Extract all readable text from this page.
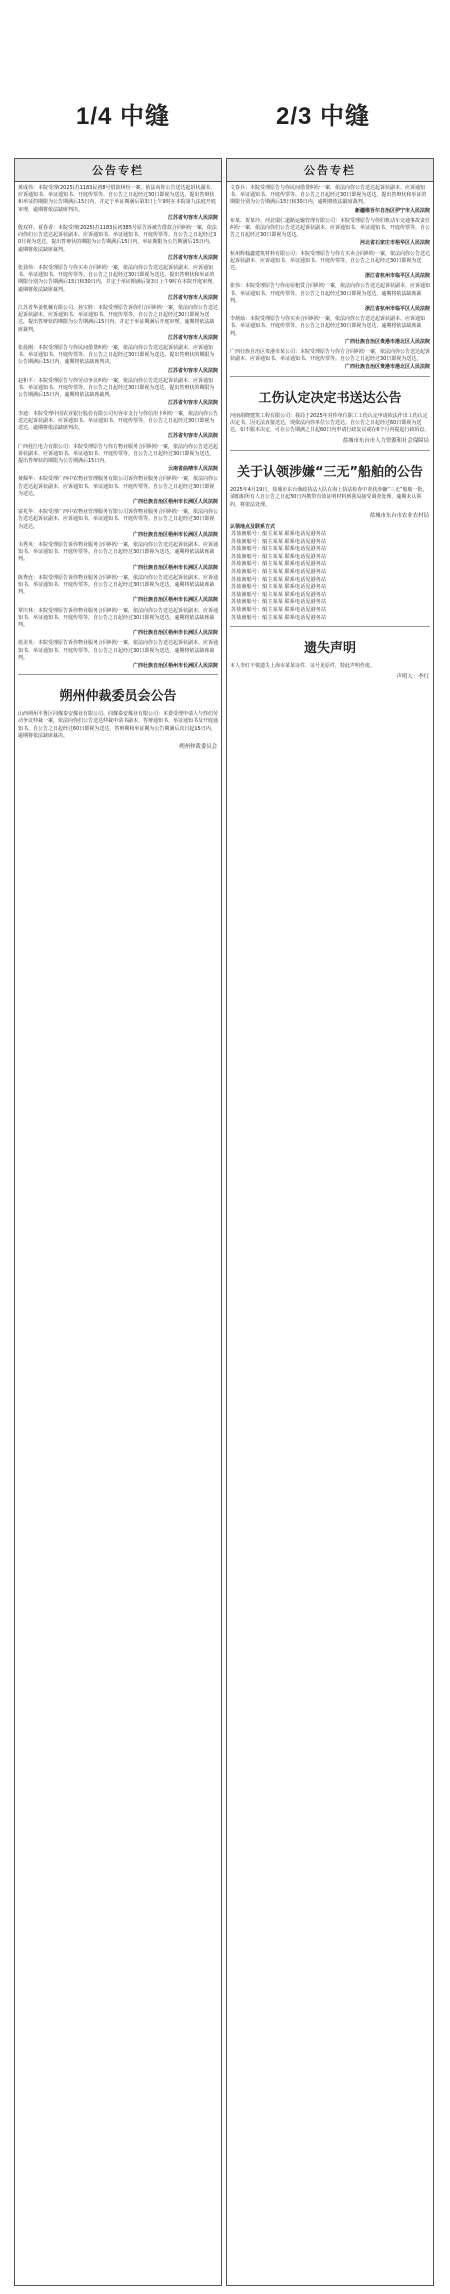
1/4 中缝	2/3 中缝
公告专栏
黄成伟：本院受理(2025)苏1183民初8号借款纠纷一案，依法向你公告送达起诉状副本、应诉通知书、举证通知书、开庭传票等。自公告之日起经过30日即视为送达，提出答辩状和举证的期限为公告期满后15日内，并定于举证期满后第3日上午9时在本院第九法庭开庭审理，逾期将依法缺席判决。
江苏省句容市人民法院
殷双祥、夏春香：本院受理(2025)苏1183民初385号原告诉被告借款合同纠纷一案，依法向你们公告送达起诉状副本、应诉通知书、举证通知书、开庭传票等。自公告之日起经过30日视为送达，提出答辩状的期限为公告期满后15日内，举证期限为公告期满后15日内。逾期将依法缺席裁判。
江苏省句容市人民法院
张劲伟：本院受理原告与你买卖合同纠纷一案，依法向你公告送达起诉状副本、应诉通知书、举证通知书、开庭传票等。自公告之日起经过30日即视为送达。提出答辩状和举证的期限分别为公告期满后15日和30日内，并定于举证期满后第3日上午9时在本院开庭审理，逾期将依法缺席裁判。
江苏省句容市人民法院
江苏省华姜机械有限公司、孙宝胜：本院受理原告诉你们合同纠纷一案，依法向你公告送达起诉状副本、应诉通知书、举证通知书、开庭传票等。自公告之日起经过30日即视为送达，提出答辩状的期限为公告期满后15日内，并定于举证期满后开庭审理，逾期将依法缺席裁判。
江苏省句容市人民法院
张晨刚：本院受理原告与你民间借贷纠纷一案，依法向你公告送达起诉状副本、应诉通知书、举证通知书、开庭传票等。自公告之日起经过30日即视为送达。提出答辩状的期限为公告期满后15日内，逾期将依法缺席判决。
江苏省句容市人民法院
赵和平：本院受理原告与你劳动争议纠纷一案，依法向你公告送达起诉状副本、应诉通知书、举证通知书、开庭传票等。自公告之日起经过30日即视为送达，提出答辩状的期限为公告期满后15日内，逾期将依法缺席裁判。
江苏省句容市人民法院
李迪：本院受理中国农业银行股份有限公司句容市支行与你信用卡纠纷一案，依法向你公告送达起诉状副本、应诉通知书、举证通知书、开庭传票等。自公告之日起经过30日即视为送达，逾期将依法缺席判决。
江苏省句容市人民法院
广西桂江电力有限公司：本院受理原告与你方物业服务合同纠纷一案，依法向你公告送达起诉状副本、应诉通知书、举证通知书、开庭传票等。自公告之日起经过30日即视为送达，提出答辩状的期限为公告期满后15日内。
云南省曲靖市人民法院
黄佩华：本院受理广西中农物业管理服务有限公司诉你物业服务合同纠纷一案，依法向你公告送达起诉状副本、应诉通知书、举证通知书、开庭传票等。自公告之日起经过30日即视为送达。
广西壮族自治区梧州市长洲区人民法院
富兆华：本院受理广西中农物业管理服务有限公司诉你物业服务合同纠纷一案，依法向你公告送达起诉状副本、应诉通知书、举证通知书、开庭传票等。自公告之日起经过30日即视为送达。
广西壮族自治区梧州市长洲区人民法院
韦秀英：本院受理原告诉你物业服务合同纠纷一案，依法向你公告送达起诉状副本、应诉通知书、举证通知书、开庭传票等。自公告之日起经过30日即视为送达，逾期将依法缺席裁判。
广西壮族自治区梧州市长洲区人民法院
陈秀连：本院受理原告诉你物业服务合同纠纷一案，依法向你公告送达起诉状副本、应诉通知书、举证通知书、开庭传票等。自公告之日起经过30日即视为送达，逾期将依法缺席裁判。
广西壮族自治区梧州市长洲区人民法院
覃庆林：本院受理原告诉你物业服务合同纠纷一案，依法向你公告送达起诉状副本、应诉通知书、举证通知书、开庭传票等。自公告之日起经过30日即视为送达，逾期将依法缺席裁判。
广西壮族自治区梧州市长洲区人民法院
蓝美英：本院受理原告诉你物业服务合同纠纷一案，依法向你公告送达起诉状副本、应诉通知书、举证通知书、开庭传票等。自公告之日起经过30日即视为送达，逾期将依法缺席裁判。
广西壮族自治区梧州市长洲区人民法院
朔州仲裁委员会公告
山西朔州平鲁区同煤泰安煤业有限公司、同煤泰安煤业有限公司：本委受理申请人与你们劳动争议仲裁一案，依法向你们公告送达仲裁申请书副本、答辩通知书、举证通知书及开庭通知书。自公告之日起经过60日即视为送达，答辩期和举证期为公告期满后次日起15日内，逾期将依法缺席裁决。
朔州仲裁委员会
公告专栏
文春兵：本院受理原告与你民间借贷纠纷一案，依法向你公告送达起诉状副本、应诉通知书、举证通知书、开庭传票等。自公告之日起经过30日即视为送达，提出答辩状和举证的期限分别为公告期满后15日和30日内，逾期将依法缺席裁判。
新疆维吾尔自治区伊宁市人民法院
布某、贺某玲、河北瑞仁道路运输管理有限公司：本院受理原告与你们机动车交通事故责任纠纷一案，依法向你们公告送达起诉状副本、应诉通知书、举证通知书、开庭传票等。自公告之日起经过30日即视为送达。
河北省石家庄市裕华区人民法院
杭州辉翰鑫建筑材料有限公司：本院受理原告与你方买卖合同纠纷一案，依法向你公告送达起诉状副本、应诉通知书、举证通知书、开庭传票等。自公告之日起经过30日即视为送达。
浙江省杭州市临平区人民法院
张伟：本院受理原告与你房屋租赁合同纠纷一案，依法向你公告送达起诉状副本、应诉通知书、举证通知书、开庭传票等。自公告之日起经过30日即视为送达，逾期将依法缺席裁判。
浙江省杭州市临平区人民法院
李炳灿：本院受理原告与你买卖合同纠纷一案，依法向你公告送达起诉状副本、应诉通知书、举证通知书、开庭传票等。自公告之日起经过30日即视为送达，逾期将依法缺席裁判。
广西壮族自治区贵港市港北区人民法院
广西壮族自治区贵港市某公司：本院受理原告与你方合同纠纷一案，依法向你公告送达起诉状副本、应诉通知书、举证通知书、开庭传票等。自公告之日起经过30日即视为送达。
广西壮族自治区贵港市港北区人民法院
工伤认定决定书送达公告
河南胡晓建筑工程有限公司：我局于2025年对你单位职工工伤认定申请依法作出工伤认定决定书，因无法直接送达，现依法向你单位公告送达。自公告之日起经过60日即视为送达。如不服本决定，可在公告期满之日起60日内申请行政复议或在6个月内提起行政诉讼。
盐城市东台市人力资源和社会保障局
关于认领涉嫌“三无”船舶的公告
2025年4月19日，盐城市东台渔政执法大队在海上执法检查中查获涉嫌“三无”船舶一批。请船舶所有人自公告之日起30日内携带有效证明材料到我局接受调查处理，逾期未认领的，将依法处理。
盐城市东台市农业农村局
认领地点及联系方式
苏盐渔船号：船主某某 联系电话见港务站
苏盐渔船号：船主某某 联系电话见港务站
苏盐渔船号：船主某某 联系电话见港务站
苏盐渔船号：船主某某 联系电话见港务站
苏盐渔船号：船主某某 联系电话见港务站
苏盐渔船号：船主某某 联系电话见港务站
苏盐渔船号：船主某某 联系电话见港务站
苏盐渔船号：船主某某 联系电话见港务站
苏盐渔船号：船主某某 联系电话见港务站
苏盐渔船号：船主某某 联系电话见港务站
苏盐渔船号：船主某某 联系电话见港务站
苏盐渔船号：船主某某 联系电话见港务站
遗失声明
本人李红不慎遗失上海市某某证件，证号见原件，特此声明作废。
声明人：李红
